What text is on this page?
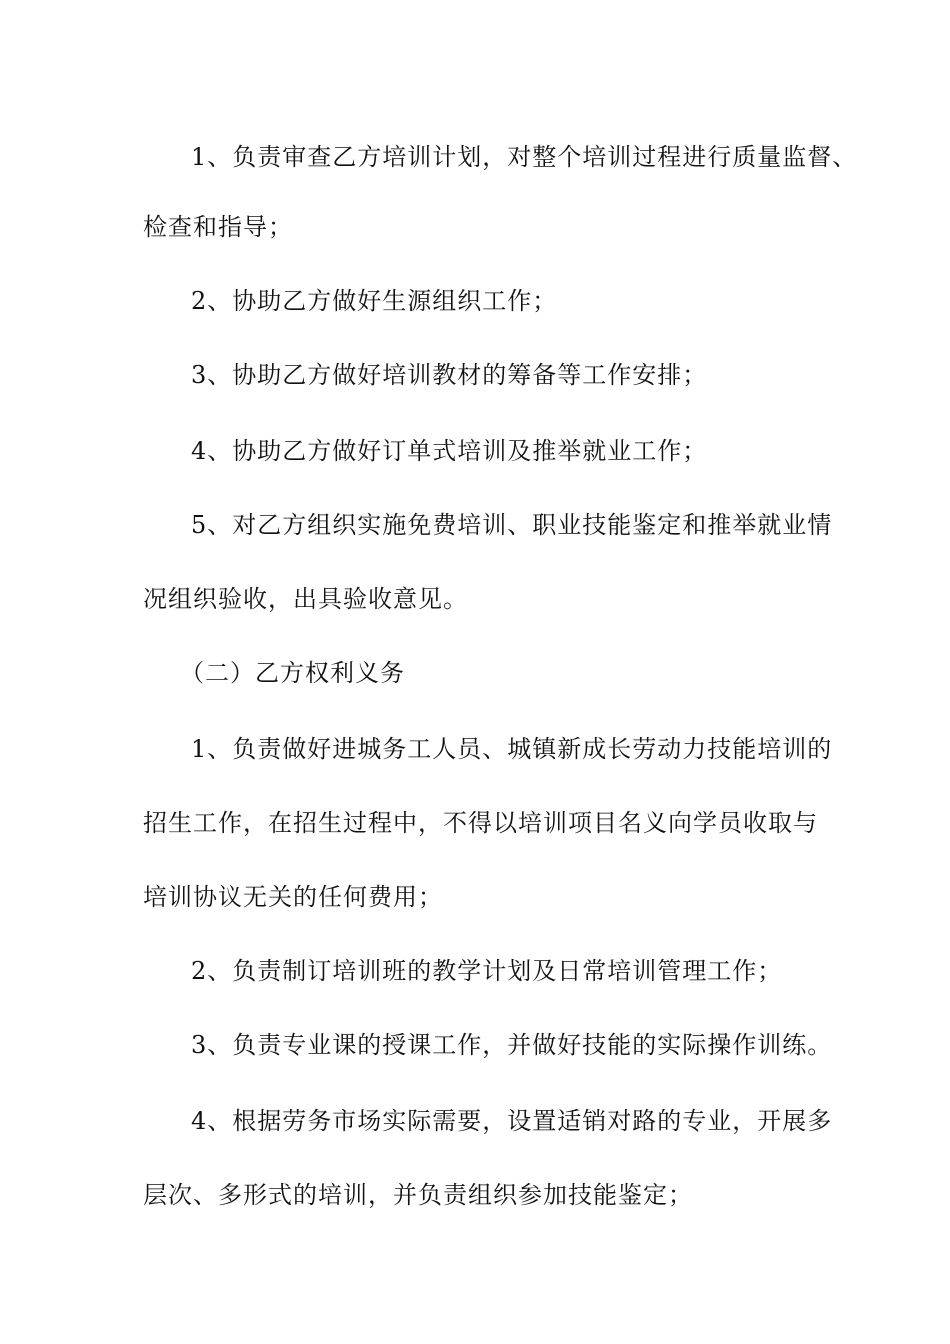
1、负责审查乙方培训计划，对整个培训过程进行质量监督、
检查和指导；
2、协助乙方做好生源组织工作；
3、协助乙方做好培训教材的筹备等工作安排；
4、协助乙方做好订单式培训及推举就业工作；
5、对乙方组织实施免费培训、职业技能鉴定和推举就业情
况组织验收，出具验收意见。
（二）乙方权利义务
1、负责做好进城务工人员、城镇新成长劳动力技能培训的
招生工作，在招生过程中，不得以培训项目名义向学员收取与
培训协议无关的任何费用；
2、负责制订培训班的教学计划及日常培训管理工作；
3、负责专业课的授课工作，并做好技能的实际操作训练。
4、根据劳务市场实际需要，设置适销对路的专业，开展多
层次、多形式的培训，并负责组织参加技能鉴定；
